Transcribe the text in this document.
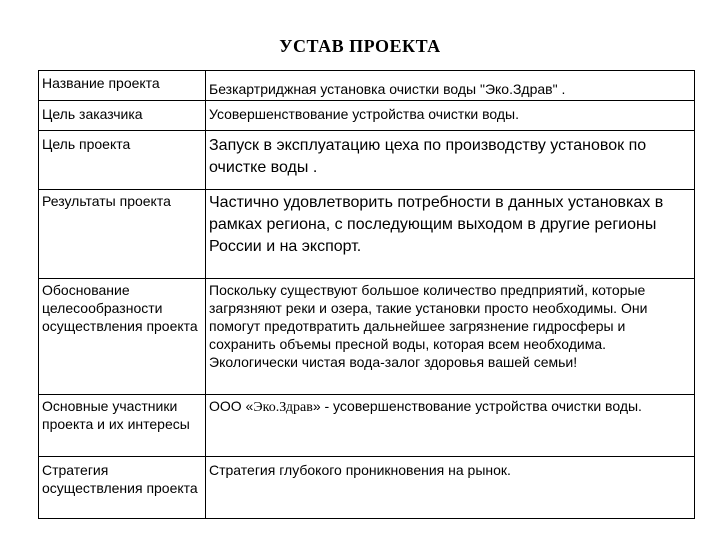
УСТАВ ПРОЕКТА
Название проекта	Безкартриджная установка очистки воды "Эко.Здрав" .
Цель заказчика	Усовершенствование устройства очистки воды.
Цель проекта	Запуск в эксплуатацию цеха по производству установок по очистке воды .
Результаты проекта	Частично удовлетворить потребности в данных установках в рамках региона, с последующим выходом в другие регионы России и на экспорт.
Обоснование целесообразности осуществления проекта	Поскольку существуют большое количество предприятий, которые загрязняют реки и озера, такие установки просто необходимы. Они помогут предотвратить дальнейшее загрязнение гидросферы и сохранить объемы пресной воды, которая всем необходима. Экологически чистая вода-залог здоровья вашей семьи!
Основные участники проекта и их интересы	ООО «Эко.Здрав» - усовершенствование устройства очистки воды.
Стратегия осуществления проекта	Стратегия глубокого проникновения на рынок.
